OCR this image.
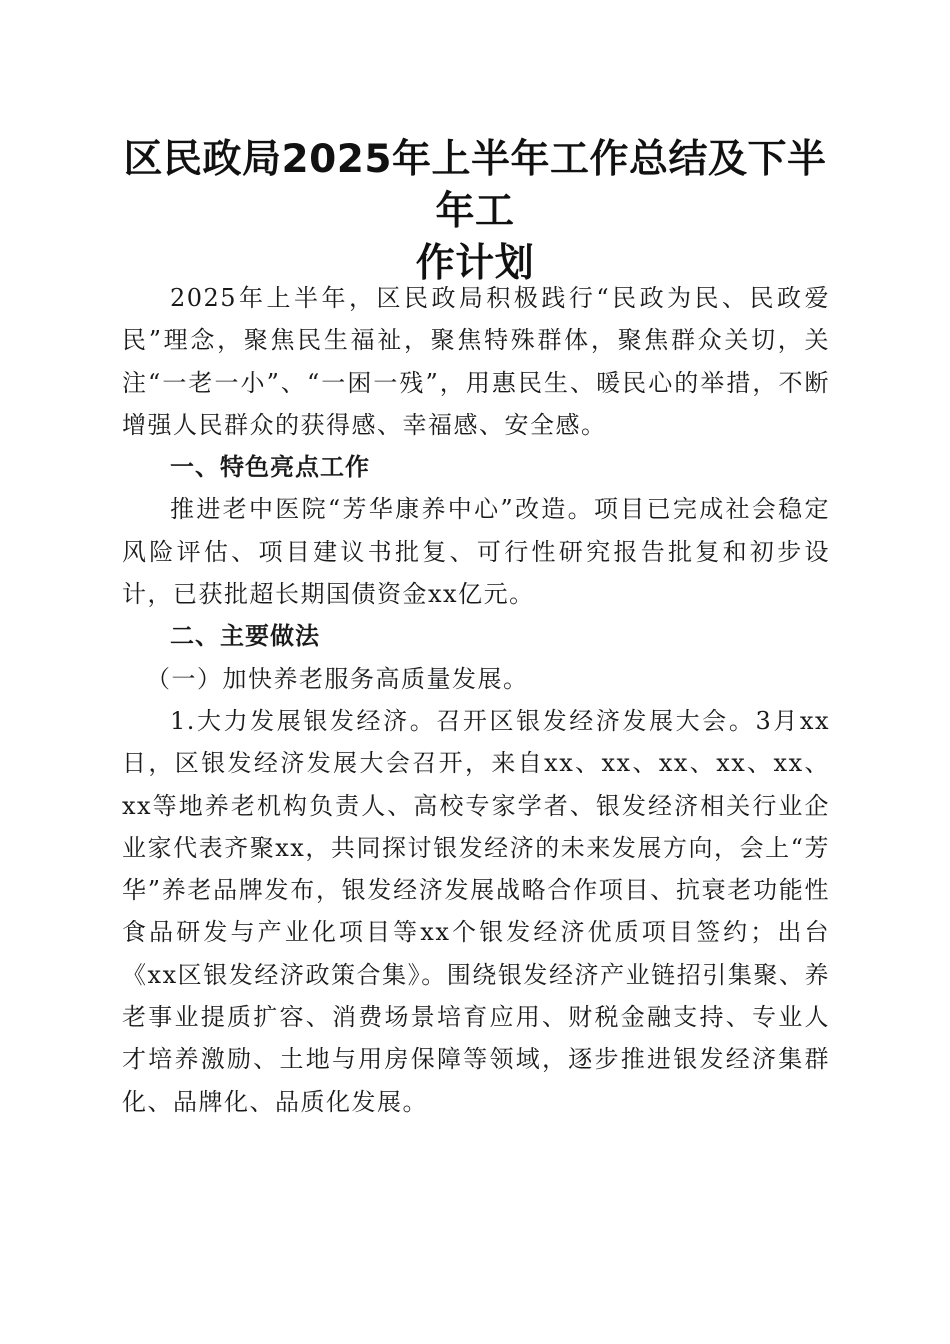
区民政局2025年上半年工作总结及下半年工
作计划

2025年上半年，区民政局积极践行“民政为民、民政爱民”理念，聚焦民生福祉，聚焦特殊群体，聚焦群众关切，关注“一老一小”、“一困一残”，用惠民生、暖民心的举措，不断增强人民群众的获得感、幸福感、安全感。

一、特色亮点工作

推进老中医院“芳华康养中心”改造。项目已完成社会稳定风险评估、项目建议书批复、可行性研究报告批复和初步设计，已获批超长期国债资金xx亿元。

二、主要做法
（一）加快养老服务高质量发展。

1.大力发展银发经济。召开区银发经济发展大会。3月xx日，区银发经济发展大会召开，来自xx、xx、xx、xx、xx、xx等地养老机构负责人、高校专家学者、银发经济相关行业企业家代表齐聚xx，共同探讨银发经济的未来发展方向，会上“芳华”养老品牌发布，银发经济发展战略合作项目、抗衰老功能性食品研发与产业化项目等xx个银发经济优质项目签约；出台《xx区银发经济政策合集》。围绕银发经济产业链招引集聚、养老事业提质扩容、消费场景培育应用、财税金融支持、专业人才培养激励、土地与用房保障等领域，逐步推进银发经济集群化、品牌化、品质化发展。
